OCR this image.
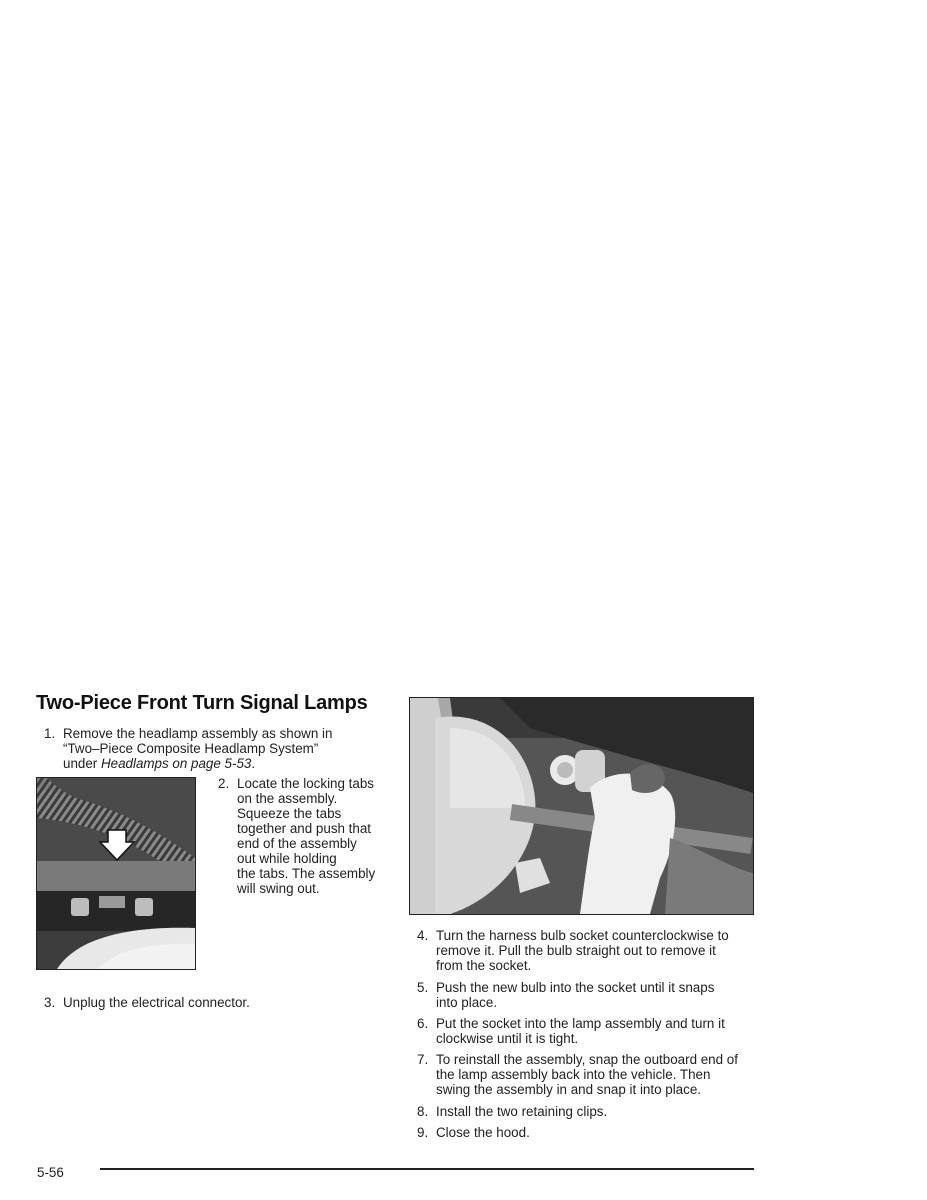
Two-Piece Front Turn Signal Lamps
1. Remove the headlamp assembly as shown in
“Two–Piece Composite Headlamp System”
under Headlamps on page 5-53.
2. Locate the locking tabs
on the assembly.
Squeeze the tabs
together and push that
end of the assembly
out while holding
the tabs. The assembly
will swing out.
3. Unplug the electrical connector.
4. Turn the harness bulb socket counterclockwise to
remove it. Pull the bulb straight out to remove it
from the socket.
5. Push the new bulb into the socket until it snaps
into place.
6. Put the socket into the lamp assembly and turn it
clockwise until it is tight.
7. To reinstall the assembly, snap the outboard end of
the lamp assembly back into the vehicle. Then
swing the assembly in and snap it into place.
8. Install the two retaining clips.
9. Close the hood.
5-56
